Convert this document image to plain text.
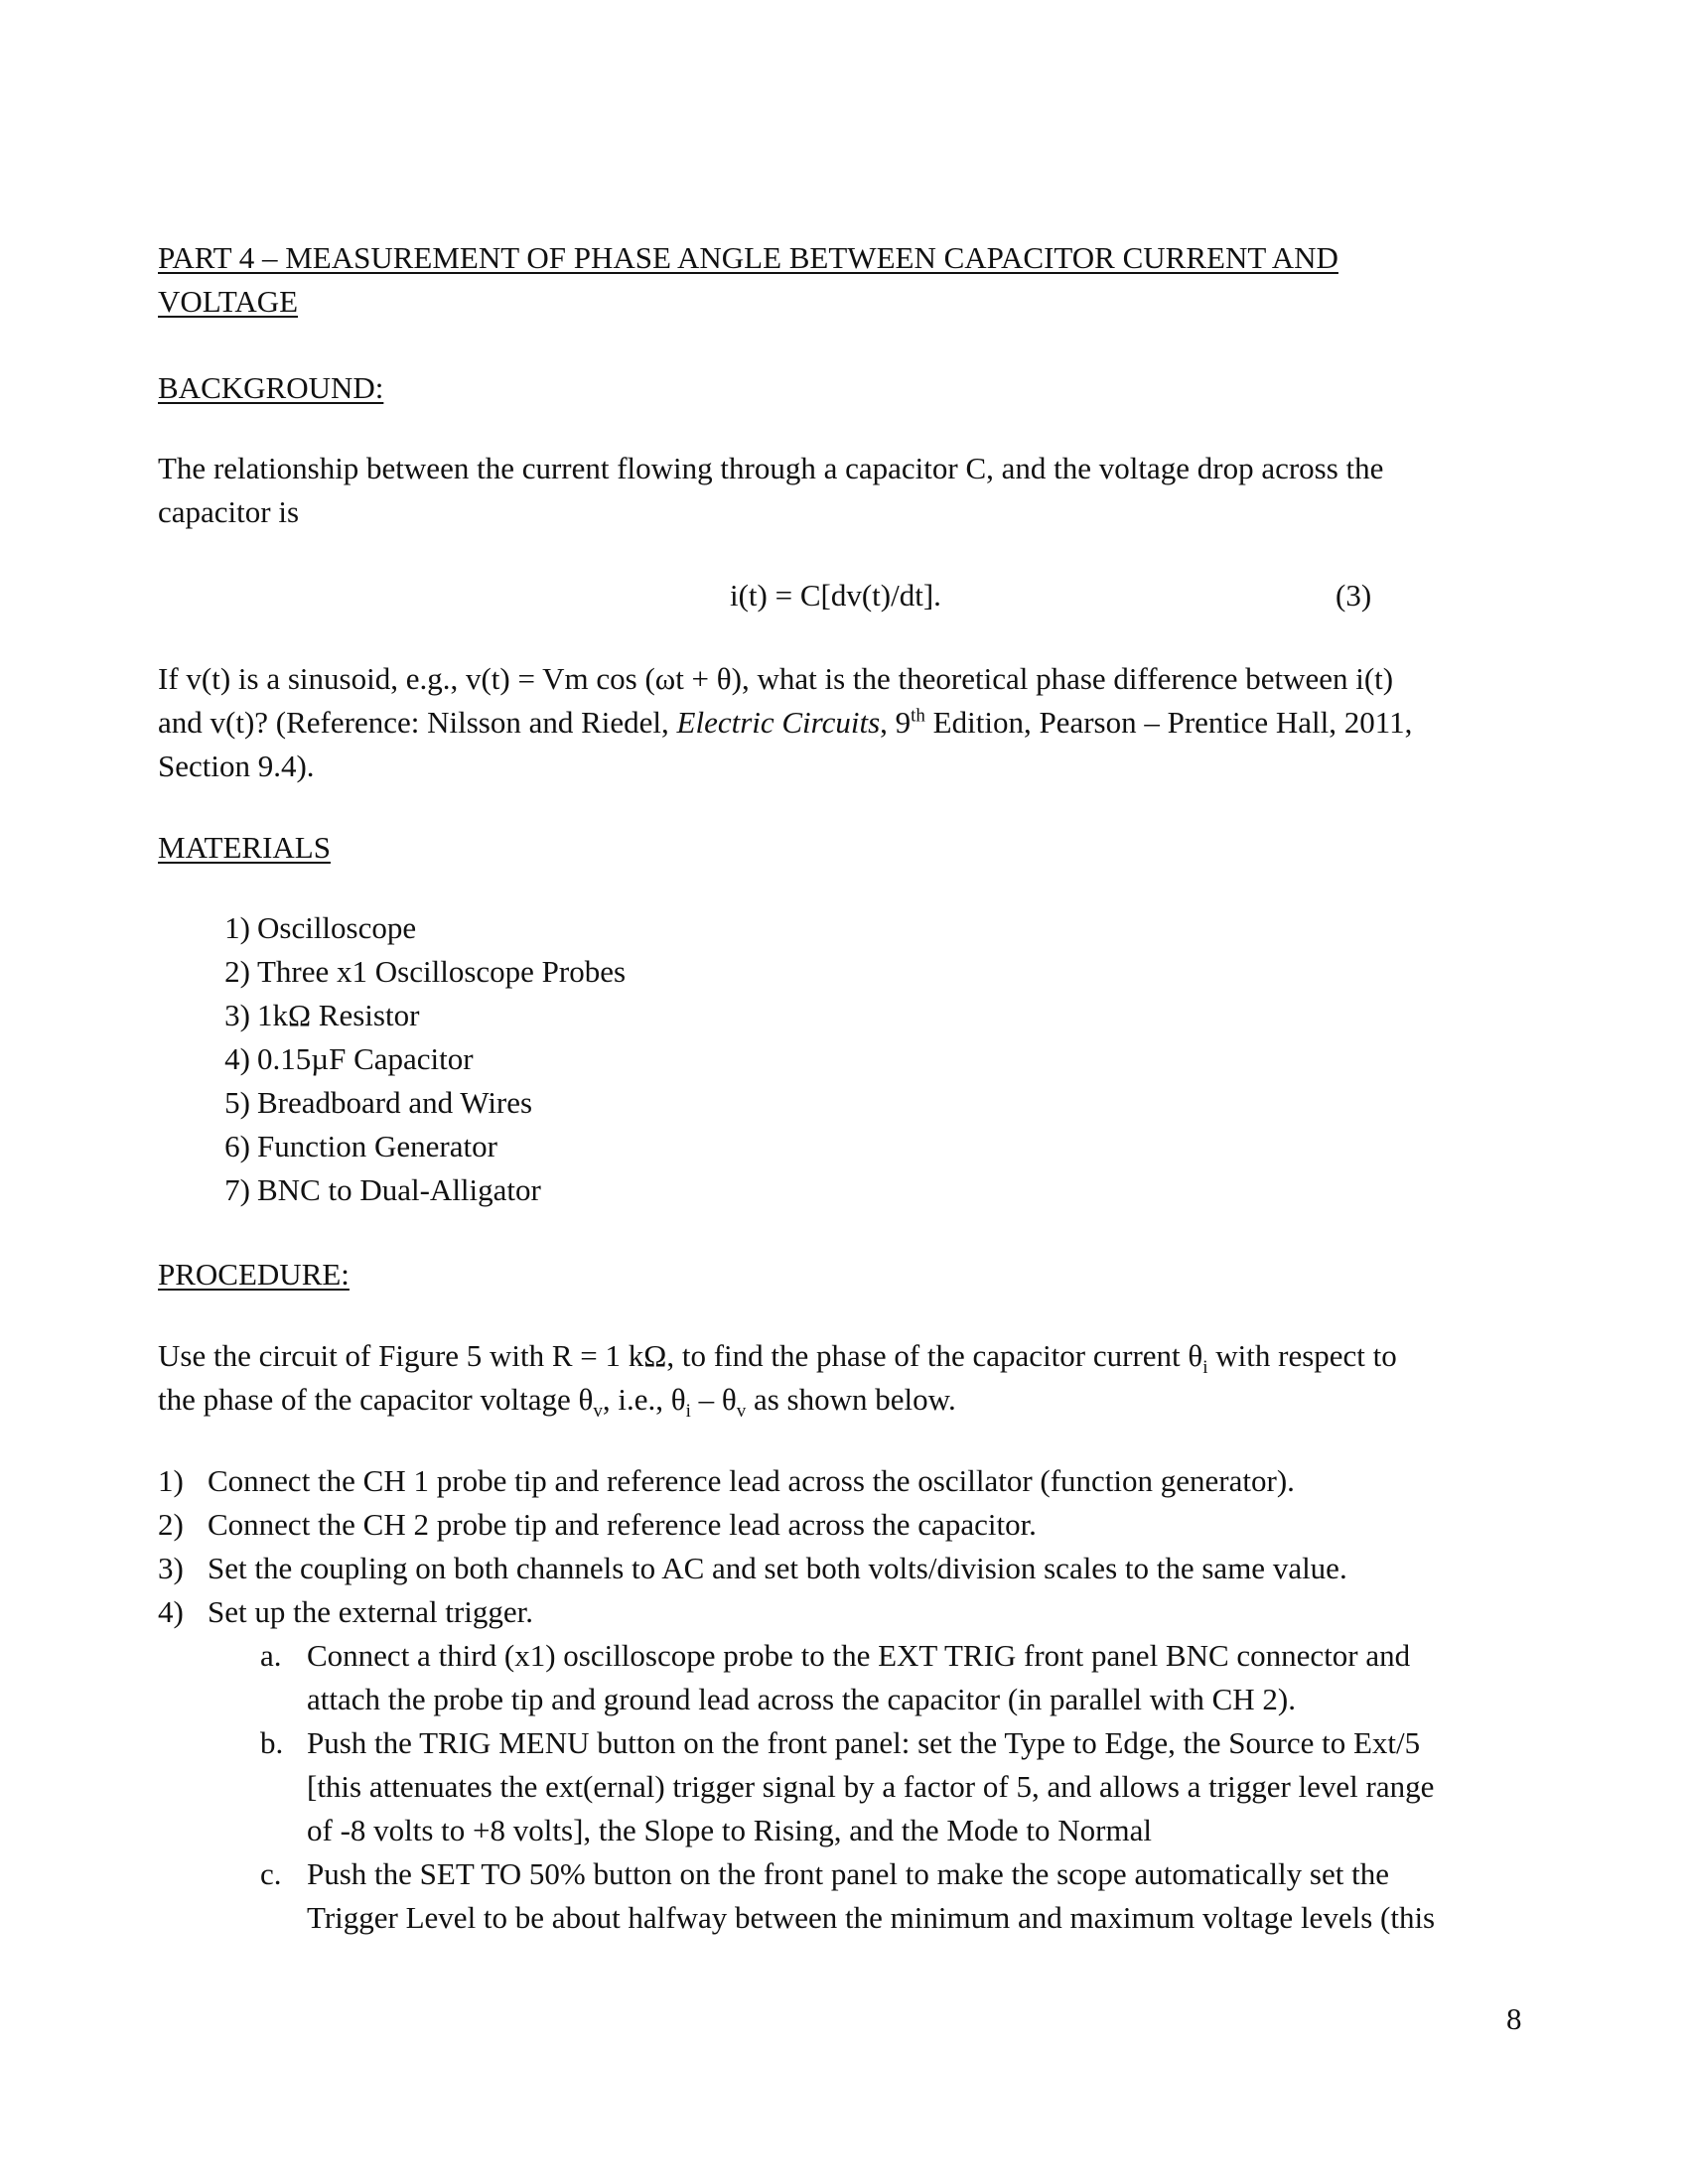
PART 4 – MEASUREMENT OF PHASE ANGLE BETWEEN CAPACITOR CURRENT AND
VOLTAGE
BACKGROUND:
The relationship between the current flowing through a capacitor C, and the voltage drop across the
capacitor is
i(t) = C[dv(t)/dt].	(3)
If v(t) is a sinusoid, e.g., v(t) = Vm cos (ωt + θ), what is the theoretical phase difference between i(t)
and v(t)? (Reference: Nilsson and Riedel, Electric Circuits, 9th Edition, Pearson – Prentice Hall, 2011,
Section 9.4).
MATERIALS
1) Oscilloscope
2) Three x1 Oscilloscope Probes
3) 1kΩ Resistor
4) 0.15µF Capacitor
5) Breadboard and Wires
6) Function Generator
7) BNC to Dual-Alligator
PROCEDURE:
Use the circuit of Figure 5 with R = 1 kΩ, to find the phase of the capacitor current $\theta_i$ with respect to
the phase of the capacitor voltage $\theta_v$, i.e., $\theta_i - \theta_v$ as shown below.
1) Connect the CH 1 probe tip and reference lead across the oscillator (function generator).
2) Connect the CH 2 probe tip and reference lead across the capacitor.
3) Set the coupling on both channels to AC and set both volts/division scales to the same value.
4) Set up the external trigger.
a. Connect a third (x1) oscilloscope probe to the EXT TRIG front panel BNC connector and
attach the probe tip and ground lead across the capacitor (in parallel with CH 2).
b. Push the TRIG MENU button on the front panel: set the Type to Edge, the Source to Ext/5
[this attenuates the ext(ernal) trigger signal by a factor of 5, and allows a trigger level range
of -8 volts to +8 volts], the Slope to Rising, and the Mode to Normal
c. Push the SET TO 50% button on the front panel to make the scope automatically set the
Trigger Level to be about halfway between the minimum and maximum voltage levels (this
8
